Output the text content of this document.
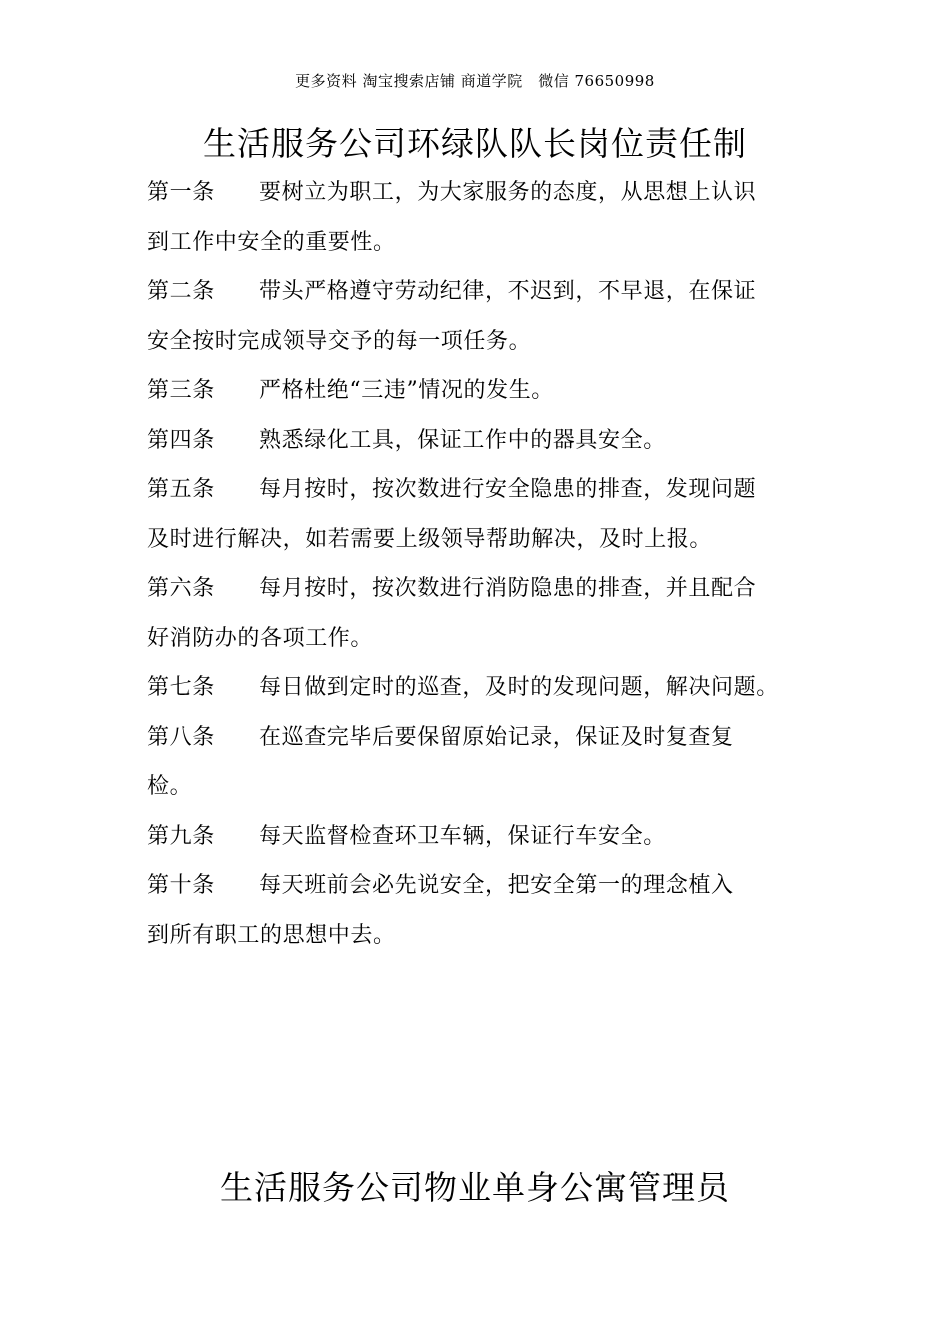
更多资料 淘宝搜索店铺 商道学院　微信 76650998
生活服务公司环绿队队长岗位责任制
第一条 要树立为职工，为大家服务的态度，从思想上认识
到工作中安全的重要性。
第二条 带头严格遵守劳动纪律，不迟到，不早退，在保证
安全按时完成领导交予的每一项任务。
第三条 严格杜绝“三违”情况的发生。
第四条 熟悉绿化工具，保证工作中的器具安全。
第五条 每月按时，按次数进行安全隐患的排查，发现问题
及时进行解决，如若需要上级领导帮助解决，及时上报。
第六条 每月按时，按次数进行消防隐患的排查，并且配合
好消防办的各项工作。
第七条 每日做到定时的巡查，及时的发现问题，解决问题。
第八条 在巡查完毕后要保留原始记录，保证及时复查复
检。
第九条 每天监督检查环卫车辆，保证行车安全。
第十条 每天班前会必先说安全，把安全第一的理念植入
到所有职工的思想中去。
生活服务公司物业单身公寓管理员
